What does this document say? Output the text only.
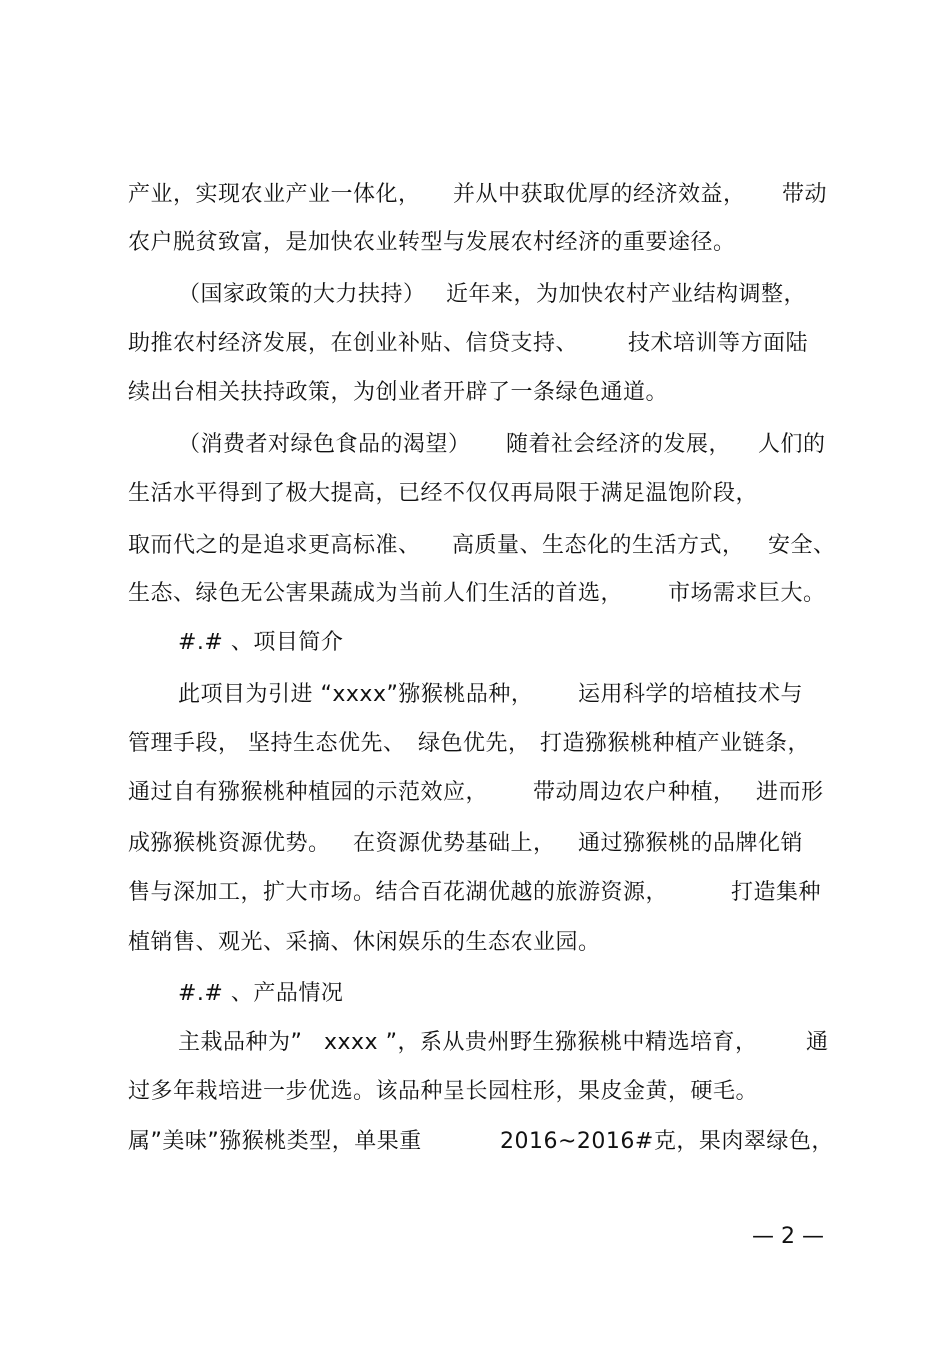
产业，实现农业产业一体化， 并从中获取优厚的经济效益， 带动
农户脱贫致富，是加快农业转型与发展农村经济的重要途径。
（国家政策的大力扶持） 近年来，为加快农村产业结构调整，
助推农村经济发展，在创业补贴、信贷支持、 技术培训等方面陆
续出台相关扶持政策，为创业者开辟了一条绿色通道。
（消费者对绿色食品的渴望） 随着社会经济的发展， 人们的
生活水平得到了极大提高，已经不仅仅再局限于满足温饱阶段，
取而代之的是追求更高标准、 高质量、生态化的生活方式， 安全、
生态、绿色无公害果蔬成为当前人们生活的首选， 市场需求巨大。
#.# 、项目简介
此项目为引进 “xxxx”猕猴桃品种， 运用科学的培植技术与
管理手段， 坚持生态优先、 绿色优先， 打造猕猴桃种植产业链条，
通过自有猕猴桃种植园的示范效应， 带动周边农户种植， 进而形
成猕猴桃资源优势。 在资源优势基础上， 通过猕猴桃的品牌化销
售与深加工，扩大市场。结合百花湖优越的旅游资源，	打造集种
植销售、观光、采摘、休闲娱乐的生态农业园。
#.# 、产品情况
主栽品种为” xxxx ”，系从贵州野生猕猴桃中精选培育， 通
过多年栽培进一步优选。该品种呈长园柱形，果皮金黄，硬毛。
属”美味”猕猴桃类型，单果重	2016~2016#克，果肉翠绿色，
— 2 —
